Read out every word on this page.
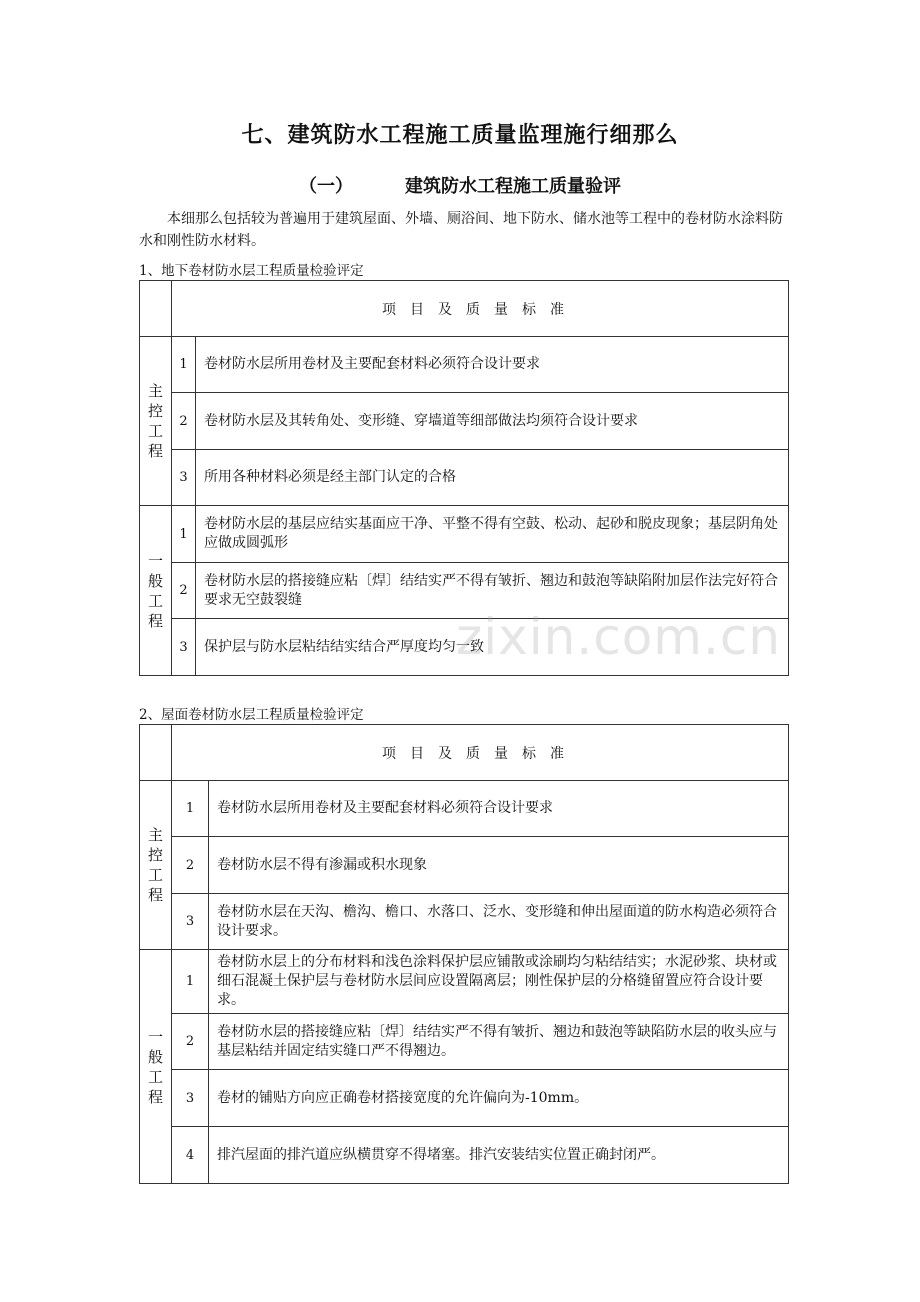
七、建筑防水工程施工质量监理施行细那么
（一）	建筑防水工程施工质量验评
本细那么包括较为普遍用于建筑屋面、外墙、厕浴间、地下防水、储水池等工程中的卷材防水涂料防水和刚性防水材料。
1、地下卷材防水层工程质量检验评定
	项目及质量标准	

主
控
工
程	1	卷材防水层所用卷材及主要配套材料必须符合设计要求
	2	卷材防水层及其转角处、变形缝、穿墙道等细部做法均须符合设计要求
	3	所用各种材料必须是经主部门认定的合格

一
般
工
程	1	卷材防水层的基层应结实基面应干净、平整不得有空鼓、松动、起砂和脱皮现象；基层阴角处应做成圆弧形
	2	卷材防水层的搭接缝应粘〔焊〕结结实严不得有皱折、翘边和鼓泡等缺陷附加层作法完好符合要求无空鼓裂缝
	3	保护层与防水层粘结结实结合严厚度均匀一致
2、屋面卷材防水层工程质量检验评定
	项目及质量标准	

主
控
工
程	1	卷材防水层所用卷材及主要配套材料必须符合设计要求
	2	卷材防水层不得有渗漏或积水现象
	3	卷材防水层在天沟、檐沟、檐口、水落口、泛水、变形缝和伸出屋面道的防水构造必须符合设计要求。

一
般
工
程	1	卷材防水层上的分布材料和浅色涂料保护层应铺散或涂刷均匀粘结结实；水泥砂浆、块材或细石混凝土保护层与卷材防水层间应设置隔离层；刚性保护层的分格缝留置应符合设计要求。
	2	卷材防水层的搭接缝应粘〔焊〕结结实严不得有皱折、翘边和鼓泡等缺陷防水层的收头应与基层粘结并固定结实缝口严不得翘边。
	3	卷材的铺贴方向应正确卷材搭接宽度的允许偏向为-10mm。
	4	排汽屋面的排汽道应纵横贯穿不得堵塞。排汽安装结实位置正确封闭严。
zixin.com.cn
